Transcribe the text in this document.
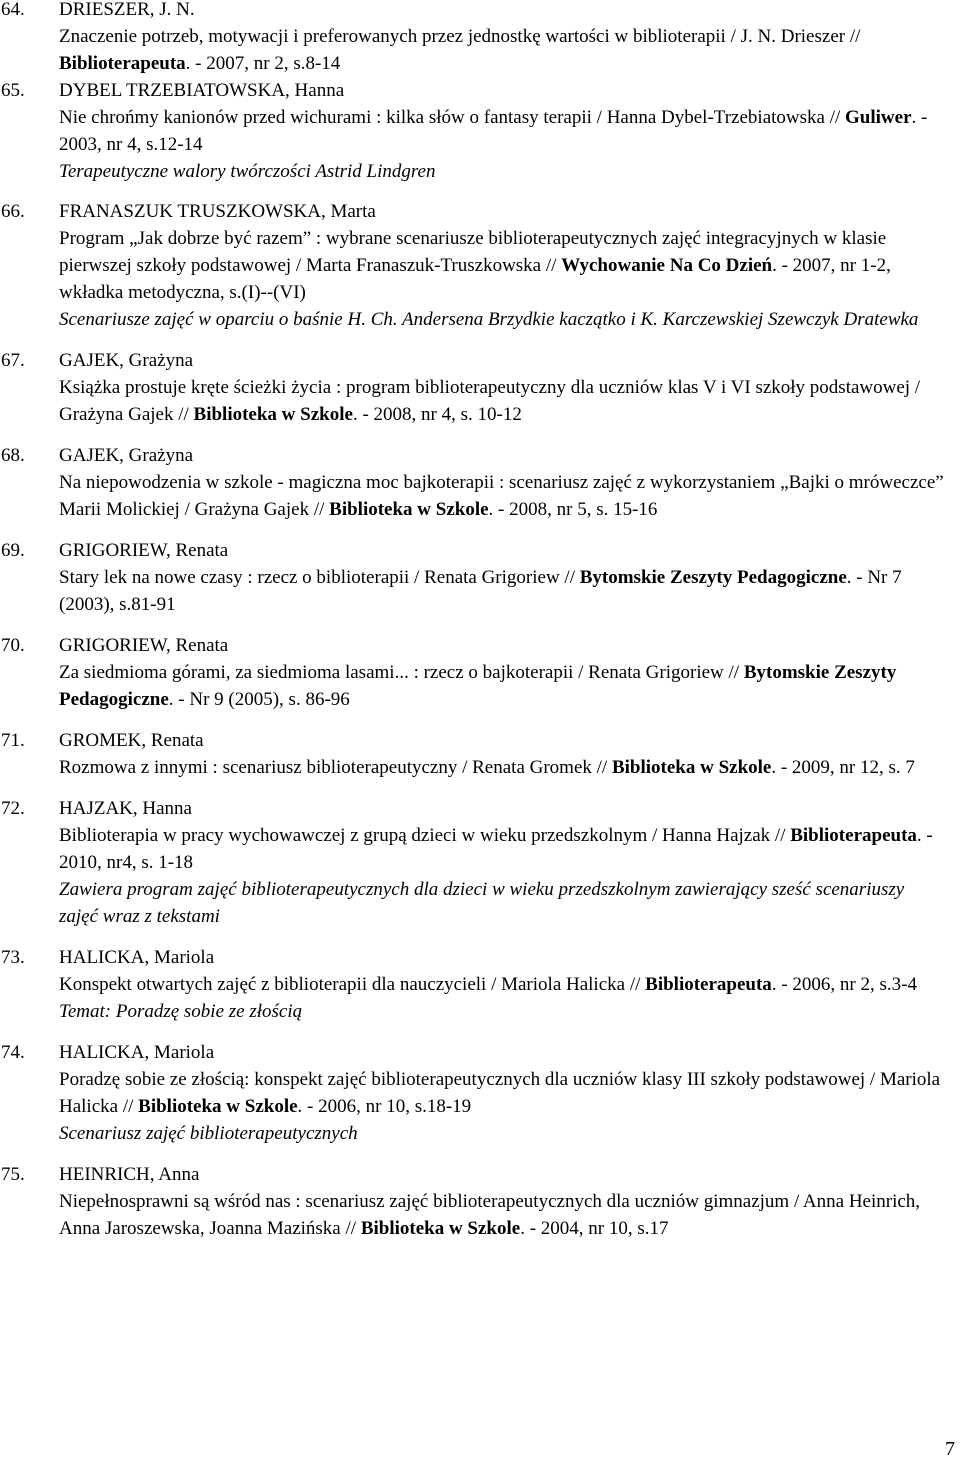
64. DRIESZER, J. N.
Znaczenie potrzeb, motywacji i preferowanych przez jednostkę wartości w biblioterapii / J. N. Drieszer // Biblioterapeuta. - 2007, nr 2, s.8-14
65. DYBEL TRZEBIATOWSKA, Hanna
Nie chrońmy kanionów przed wichurami : kilka słów o fantasy terapii / Hanna Dybel-Trzebiatowska // Guliwer. - 2003, nr 4, s.12-14
Terapeutyczne walory twórczości Astrid Lindgren
66. FRANASZUK TRUSZKOWSKA, Marta
Program „Jak dobrze być razem” : wybrane scenariusze biblioterapeutycznych zajęć integracyjnych w klasie pierwszej szkoły podstawowej / Marta Franaszuk-Truszkowska // Wychowanie Na Co Dzień. - 2007, nr 1-2, wkładka metodyczna, s.(I)--(VI)
Scenariusze zajęć w oparciu o baśnie H. Ch. Andersena Brzydkie kaczątko i K. Karczewskiej Szewczyk Dratewka
67. GAJEK, Grażyna
Książka prostuje kręte ścieżki życia : program biblioterapeutyczny dla uczniów klas V i VI szkoły podstawowej / Grażyna Gajek // Biblioteka w Szkole. - 2008, nr 4, s. 10-12
68. GAJEK, Grażyna
Na niepowodzenia w szkole - magiczna moc bajkoterapii : scenariusz zajęć z wykorzystaniem „Bajki o mróweczce” Marii Molickiej / Grażyna Gajek // Biblioteka w Szkole. - 2008, nr 5, s. 15-16
69. GRIGORIEW, Renata
Stary lek na nowe czasy : rzecz o biblioterapii / Renata Grigoriew // Bytomskie Zeszyty Pedagogiczne. - Nr 7 (2003), s.81-91
70. GRIGORIEW, Renata
Za siedmioma górami, za siedmioma lasami... : rzecz o bajkoterapii / Renata Grigoriew // Bytomskie Zeszyty Pedagogiczne. - Nr 9 (2005), s. 86-96
71. GROMEK, Renata
Rozmowa z innymi : scenariusz biblioterapeutyczny / Renata Gromek // Biblioteka w Szkole. - 2009, nr 12, s. 7
72. HAJZAK, Hanna
Biblioterapia w pracy wychowawczej z grupą dzieci w wieku przedszkolnym / Hanna Hajzak // Biblioterapeuta. - 2010, nr4, s. 1-18
Zawiera program zajęć biblioterapeutycznych dla dzieci w wieku przedszkolnym zawierający sześć scenariuszy zajęć wraz z tekstami
73. HALICKA, Mariola
Konspekt otwartych zajęć z biblioterapii dla nauczycieli / Mariola Halicka // Biblioterapeuta. - 2006, nr 2, s.3-4
Temat: Poradzę sobie ze złością
74. HALICKA, Mariola
Poradzę sobie ze złością: konspekt zajęć biblioterapeutycznych dla uczniów klasy III szkoły podstawowej / Mariola Halicka // Biblioteka w Szkole. - 2006, nr 10, s.18-19
Scenariusz zajęć biblioterapeutycznych
75. HEINRICH, Anna
Niepełnosprawni są wśród nas : scenariusz zajęć biblioterapeutycznych dla uczniów gimnazjum / Anna Heinrich, Anna Jaroszewska, Joanna Mazińska // Biblioteka w Szkole. - 2004, nr 10, s.17
7
